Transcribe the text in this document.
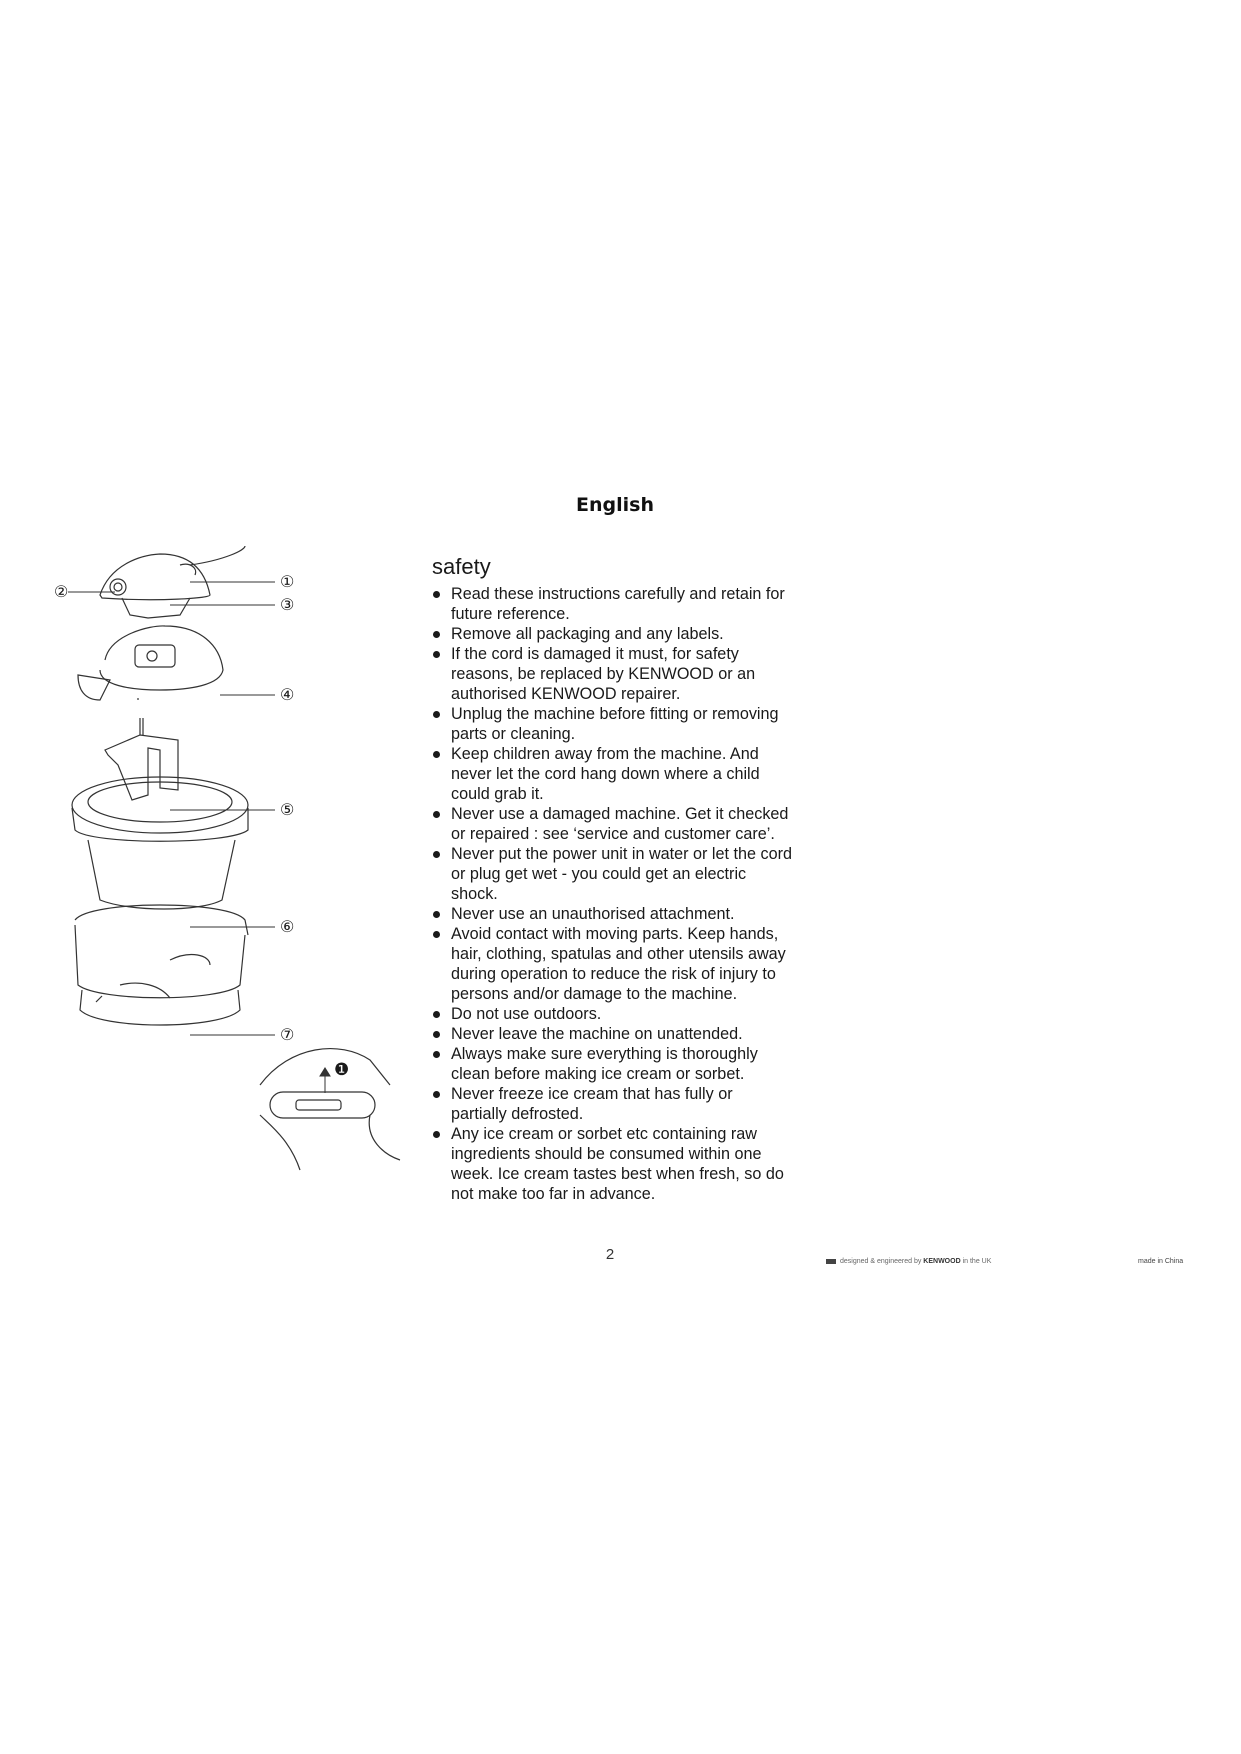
English
①
②
③
④
⑤
⑥
⑦
❶
safety
Read these instructions carefully and retain for future reference.
Remove all packaging and any labels.
If the cord is damaged it must, for safety reasons, be replaced by KENWOOD or an authorised KENWOOD repairer.
Unplug the machine before fitting or removing parts or cleaning.
Keep children away from the machine. And never let the cord hang down where a child could grab it.
Never use a damaged machine. Get it checked or repaired : see ‘service and customer care’.
Never put the power unit in water or let the cord or plug get wet - you could get an electric shock.
Never use an unauthorised attachment.
Avoid contact with moving parts. Keep hands, hair, clothing, spatulas and other utensils away during operation to reduce the risk of injury to persons and/or damage to the machine.
Do not use outdoors.
Never leave the machine on unattended.
Always make sure everything is thoroughly clean before making ice cream or sorbet.
Never freeze ice cream that has fully or partially defrosted.
Any ice cream or sorbet etc containing raw ingredients should be consumed within one week. Ice cream tastes best when fresh, so do not make too far in advance.
2	designed & engineered by KENWOOD in the UK	made in China
